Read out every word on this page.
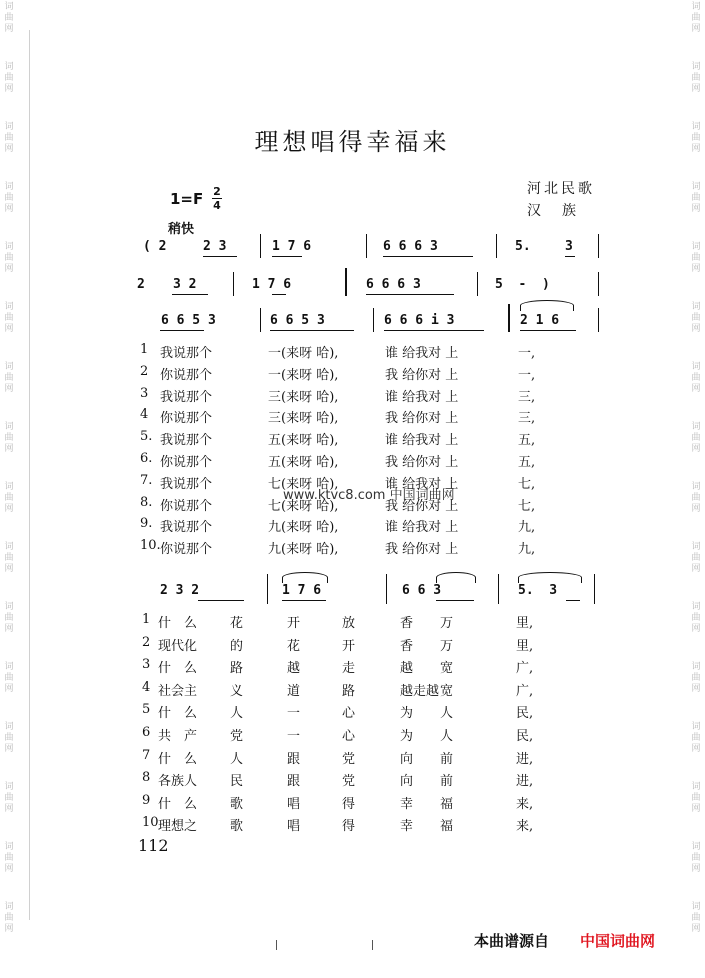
词
曲
网
词
曲
网
词
曲
网
词
曲
网
词
曲
网
词
曲
网
词
曲
网
词
曲
网
词
曲
网
词
曲
网
词
曲
网
词
曲
网
词
曲
网
词
曲
网
词
曲
网
词
曲
网
词
曲
网
词
曲
网
词
曲
网
词
曲
网
词
曲
网
词
曲
网
词
曲
网
词
曲
网
词
曲
网
词
曲
网
词
曲
网
词
曲
网
词
曲
网
词
曲
网
词
曲
网
词
曲
网
理想唱得幸福来
河北民歌
汉族
1=F 2
4
稍快
( 2	2 3	1 7 6	6 6 6 3	5.	3
2 3 2	1 7 6	6 6 6 3	5  -  )
6 6 5 3	6 6 5 3	6 6 6 i 3	2 1 6
1 我说那个	一(来呀 哈),	谁 给我对 上	一,
2 你说那个	一(来呀 哈),	我 给你对 上	一,
3 我说那个	三(来呀 哈),	谁 给我对 上	三,
4 你说那个	三(来呀 哈),	我 给你对 上	三,
5. 我说那个	五(来呀 哈),	谁 给我对 上	五,
6. 你说那个	五(来呀 哈),	我 给你对 上	五,
7. 我说那个	七(来呀 哈),	谁 给我对 上	七,
8. 你说那个	七(来呀 哈),	我 给你对 上	七,
9. 我说那个	九(来呀 哈),	谁 给我对 上	九,
10. 你说那个	九(来呀 哈),	我 给你对 上	九,
2 3 2	1 7 6	6 6 3	5.  3
1 什 么	花	开	放	香 万	里,
2 现代化	的	花	开	香 万	里,
3 什 么	路	越	走	越 宽	广,
4 社会主	义	道	路	越走越 宽	广,
5 什 么	人	一	心	为 人	民,
6 共 产	党	一	心	为 人	民,
7 什 么	人	跟	党	向 前	进,
8 各族 人	民	跟	党	向 前	进,
9 什 么	歌	唱	得	幸 福	来,
10 理想 之	歌	唱	得	幸 福	来,
112
www.ktvc8.com 中国词曲网
本曲谱源自 中国词曲网
